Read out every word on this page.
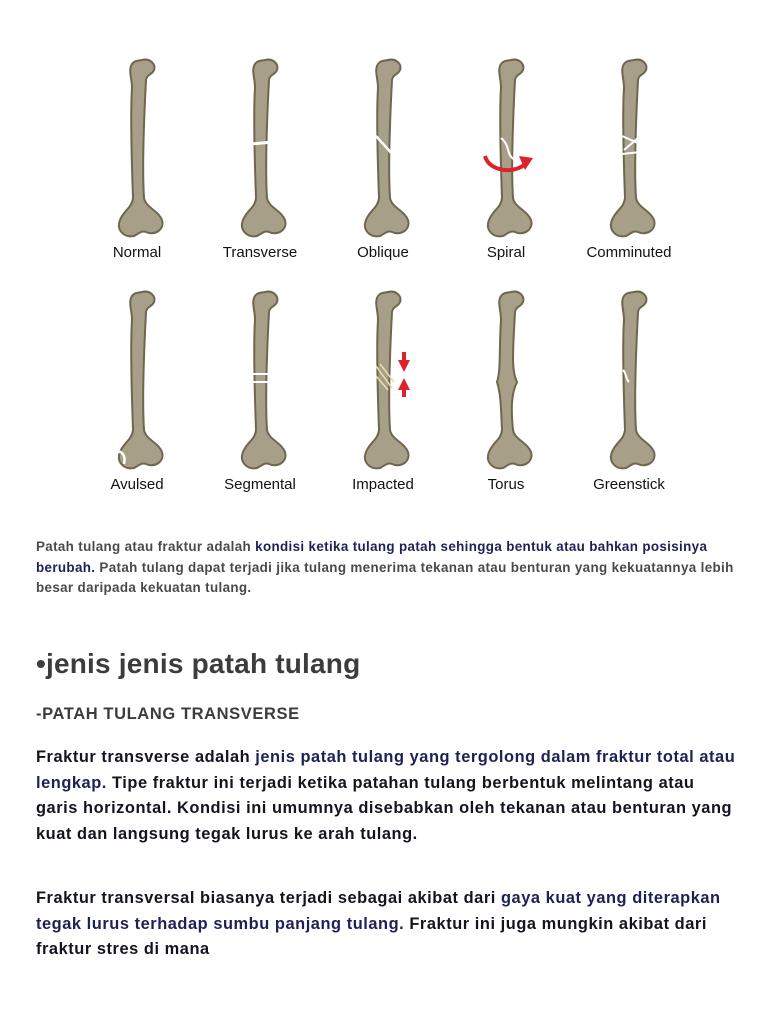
Normal	Transverse	Oblique	Spiral	Comminuted
Avulsed	Segmental	Impacted	Torus	Greenstick

Patah tulang atau fraktur adalah kondisi ketika tulang patah sehingga bentuk atau bahkan posisinya berubah. Patah tulang dapat terjadi jika tulang menerima tekanan atau benturan yang kekuatannya lebih besar daripada kekuatan tulang.

•jenis jenis patah tulang
-PATAH TULANG TRANSVERSE

Fraktur transverse adalah jenis patah tulang yang tergolong dalam fraktur total atau lengkap. Tipe fraktur ini terjadi ketika patahan tulang berbentuk melintang atau garis horizontal. Kondisi ini umumnya disebabkan oleh tekanan atau benturan yang kuat dan langsung tegak lurus ke arah tulang.

Fraktur transversal biasanya terjadi sebagai akibat dari gaya kuat yang diterapkan tegak lurus terhadap sumbu panjang tulang. Fraktur ini juga mungkin akibat dari fraktur stres di mana
